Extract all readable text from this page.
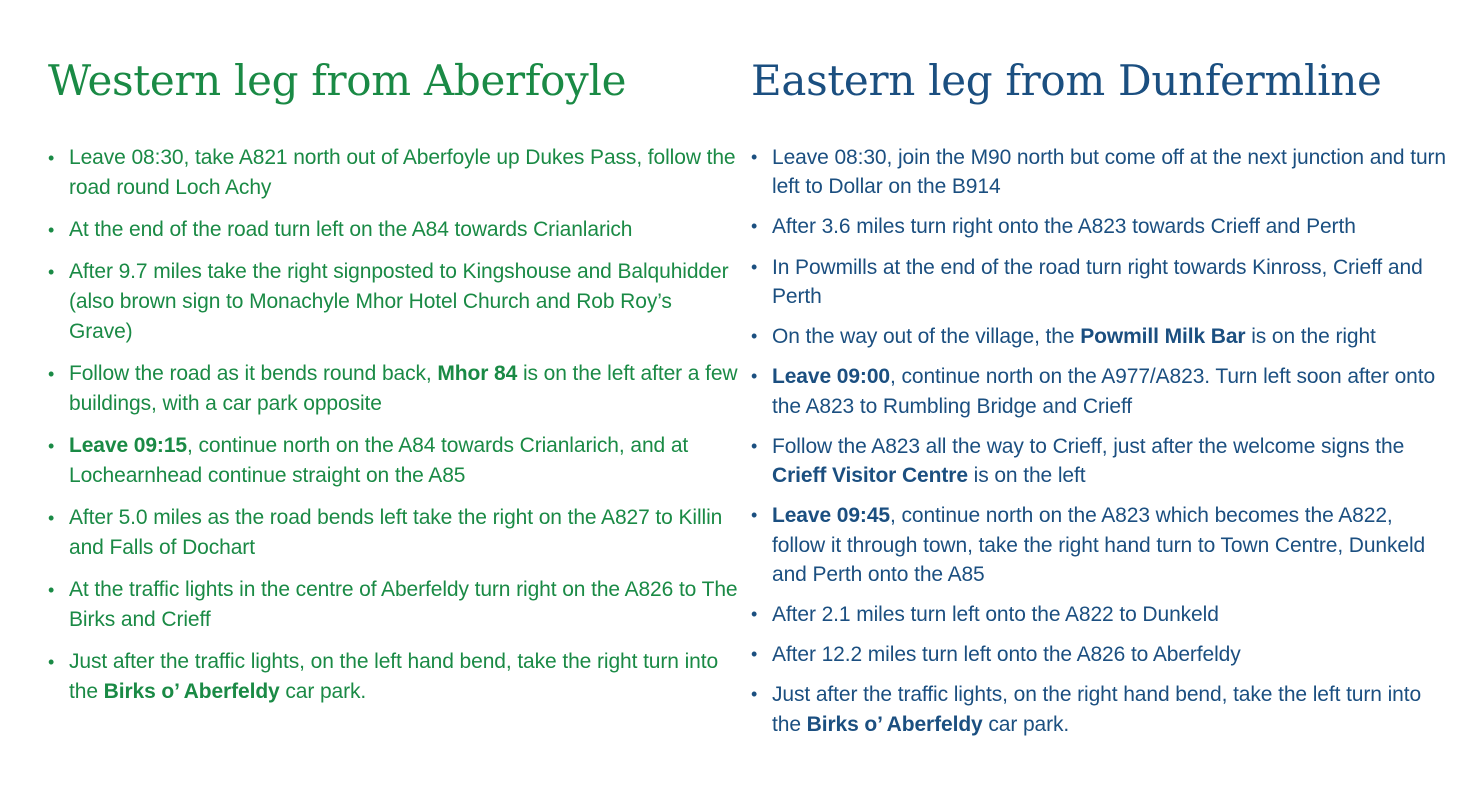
Western leg from Aberfoyle
• Leave 08:30, take A821 north out of Aberfoyle up Dukes Pass, follow the road round Loch Achy
• At the end of the road turn left on the A84 towards Crianlarich
• After 9.7 miles take the right signposted to Kingshouse and Balquhidder (also brown sign to Monachyle Mhor Hotel Church and Rob Roy’s Grave)
• Follow the road as it bends round back, Mhor 84 is on the left after a few buildings, with a car park opposite
• Leave 09:15, continue north on the A84 towards Crianlarich, and at Lochearnhead continue straight on the A85
• After 5.0 miles as the road bends left take the right on the A827 to Killin and Falls of Dochart
• At the traffic lights in the centre of Aberfeldy turn right on the A826 to The Birks and Crieff
• Just after the traffic lights, on the left hand bend, take the right turn into the Birks o’ Aberfeldy car park.
Eastern leg from Dunfermline
• Leave 08:30, join the M90 north but come off at the next junction and turn left to Dollar on the B914
• After 3.6 miles turn right onto the A823 towards Crieff and Perth
• In Powmills at the end of the road turn right towards Kinross, Crieff and Perth
• On the way out of the village, the Powmill Milk Bar is on the right
• Leave 09:00, continue north on the A977/A823. Turn left soon after onto the A823 to Rumbling Bridge and Crieff
• Follow the A823 all the way to Crieff, just after the welcome signs the Crieff Visitor Centre is on the left
• Leave 09:45, continue north on the A823 which becomes the A822, follow it through town, take the right hand turn to Town Centre, Dunkeld and Perth onto the A85
• After 2.1 miles turn left onto the A822 to Dunkeld
• After 12.2 miles turn left onto the A826 to Aberfeldy
• Just after the traffic lights, on the right hand bend, take the left turn into the Birks o’ Aberfeldy car park.
